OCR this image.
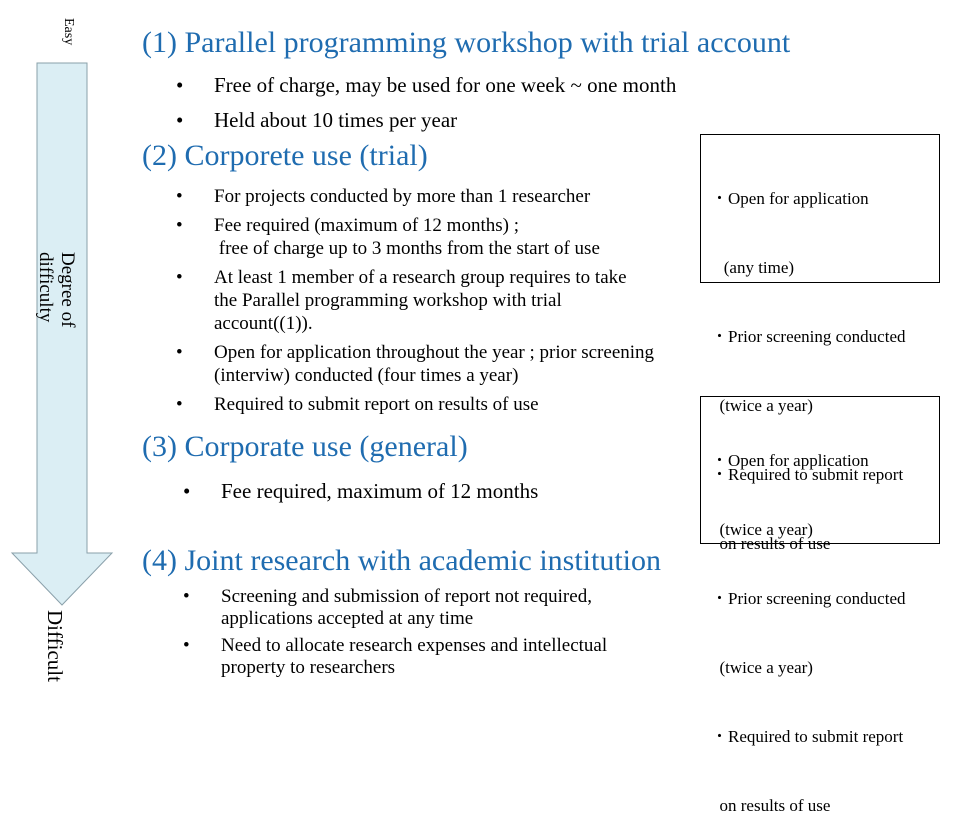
Easy
Degree of
difficulty
Difficult
(1) Parallel programming workshop with trial account
• Free of charge, may be used for one week ~ one month
• Held about 10 times per year
(2) Corporete use (trial)
• For projects conducted by more than 1 researcher
• Fee required (maximum of 12 months) ;
free of charge up to 3 months from the start of use
• At least 1 member of a research group requires to take
the Parallel programming workshop with trial
account((1)).
• Open for application throughout the year ; prior screening
(interviw) conducted (four times a year)
• Required to submit report on results of use
(3) Corporate use (general)
• Fee required, maximum of 12 months
(4) Joint research with academic institution
• Screening and submission of report not required,
applications accepted at any time
• Need to allocate research expenses and intellectual
property to researchers

・Open for application

(any time)

・Prior screening conducted

(twice a year)

・Required to submit report

on results of use

・Open for application

(twice a year)

・Prior screening conducted

(twice a year)

・Required to submit report

on results of use
